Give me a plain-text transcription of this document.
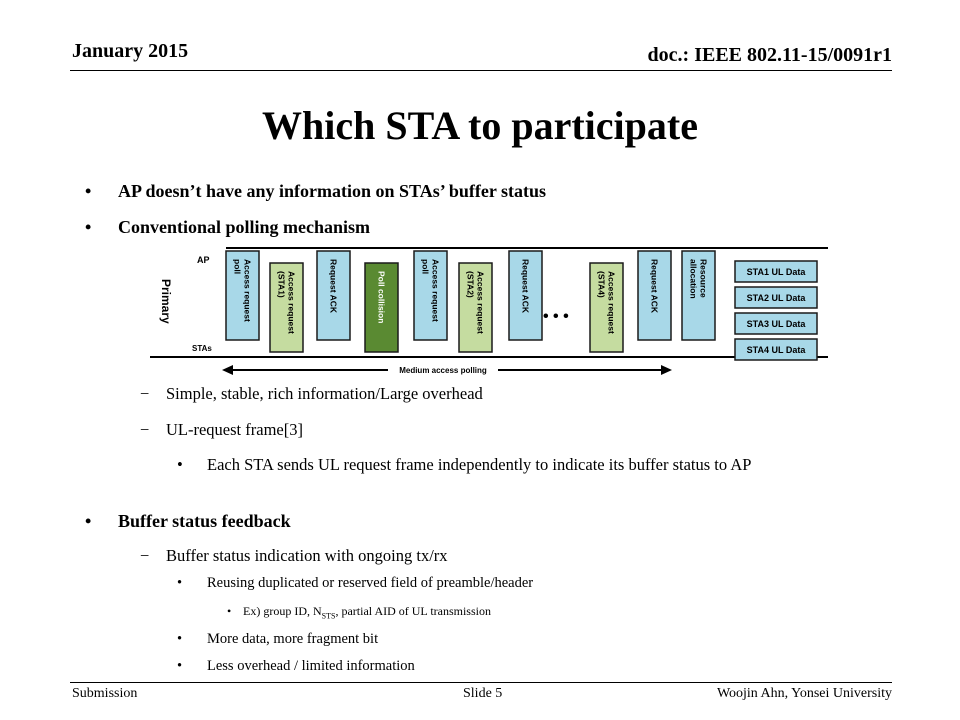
January 2015	doc.: IEEE 802.11-15/0091r1
Which STA to participate
• AP doesn’t have any information on STAs’ buffer status
• Conventional polling mechanism
AP
STAs
Primary	Access requestpoll
Access request(STA1)	Request ACK	Poll collision	Access requestpoll
Access request(STA2)	Request ACK	Access request(STA4)	Request ACK	Resourceallocation	STA1 UL Data
STA2 UL Data
STA3 UL Data
STA4 UL Data
• • •
Medium access polling
− Simple, stable, rich information/Large overhead
− UL-request frame[3]
• Each STA sends UL request frame independently to indicate its buffer status to AP
• Buffer status feedback
− Buffer status indication with ongoing tx/rx
• Reusing duplicated or reserved field of preamble/header
• Ex) group ID, $N_{STS}$, partial AID of UL transmission
• More data, more fragment bit
• Less overhead / limited information
Submission	Slide 5	Woojin Ahn, Yonsei University
